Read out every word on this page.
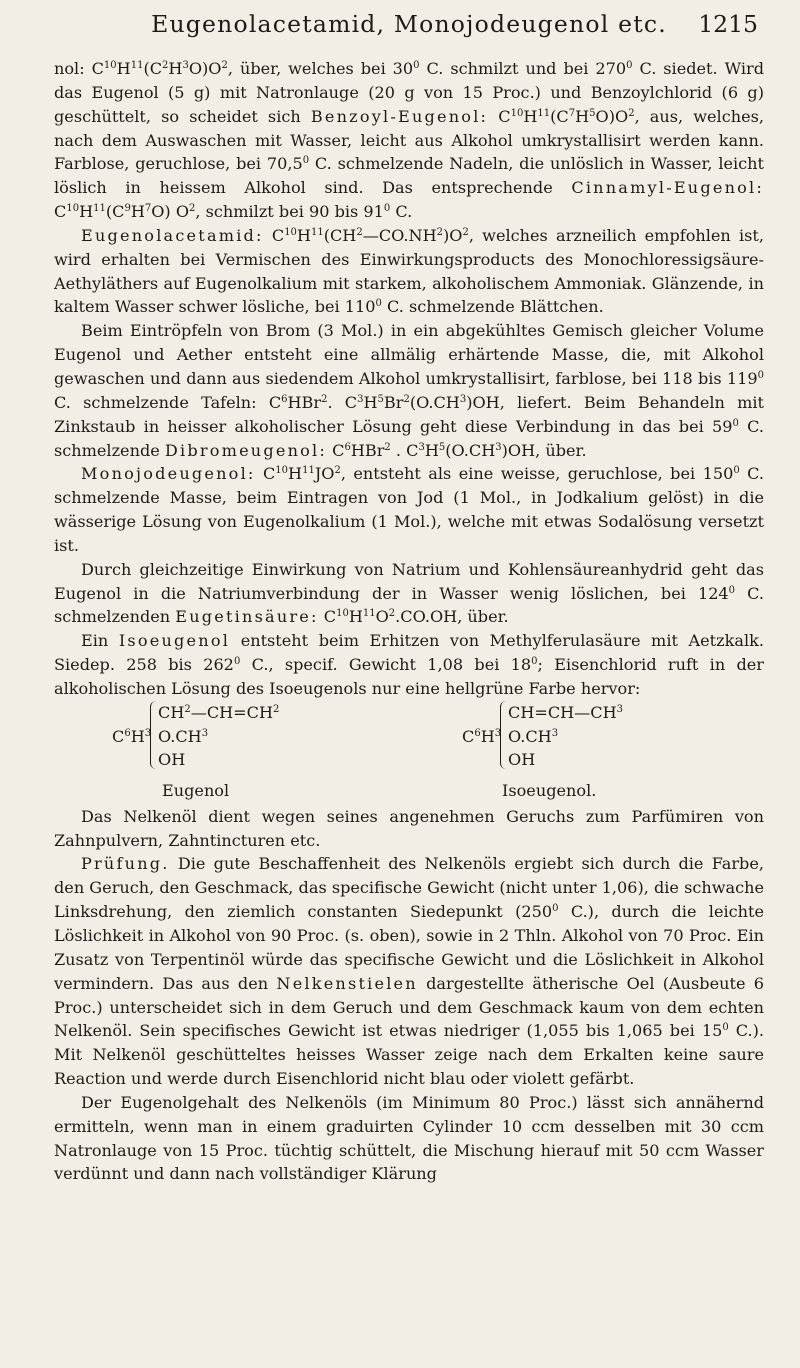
Eugenolacetamid, Monojodeugenol etc.	1215

nol: $C^{10}H^{11}(C^2H^3O)O^2$, über, welches bei $30^0$ C. schmilzt und bei $270^0$ C. siedet. Wird das Eugenol (5 g) mit Natronlauge (20 g von 15 Proc.) und Benzoylchlorid (6 g) geschüttelt, so scheidet sich Benzoyl-Eugenol: $C^{10}H^{11}(C^7H^5O)O^2$, aus, welches, nach dem Auswaschen mit Wasser, leicht aus Alkohol umkrystallisirt werden kann. Farblose, geruchlose, bei 70,5$^0$ C. schmelzende Nadeln, die unlöslich in Wasser, leicht löslich in heissem Alkohol sind. Das entsprechende Cinnamyl-Eugenol: $C^{10}H^{11}(C^9H^7O)$ $O^2$, schmilzt bei 90 bis $91^0$ C.

Eugenolacetamid: $C^{10}H^{11}(CH^2—CO.NH^2)O^2$, welches arzneilich empfohlen ist, wird erhalten bei Vermischen des Einwirkungsproducts des Monochloressigsäure-Aethyläthers auf Eugenolkalium mit starkem, alkoholischem Ammoniak. Glänzende, in kaltem Wasser schwer lösliche, bei $110^0$ C. schmelzende Blättchen.

Beim Eintröpfeln von Brom (3 Mol.) in ein abgekühltes Gemisch gleicher Volume Eugenol und Aether entsteht eine allmälig erhärtende Masse, die, mit Alkohol gewaschen und dann aus siedendem Alkohol umkrystallisirt, farblose, bei 118 bis $119^0$ C. schmelzende Tafeln: $C^6HBr^2$. $C^3H^5Br^2(O.CH^3)OH$, liefert. Beim Behandeln mit Zinkstaub in heisser alkoholischer Lösung geht diese Verbindung in das bei $59^0$ C. schmelzende Dibromeugenol: $C^6HBr^2$ . $C^3H^5(O.CH^3)OH$, über.

Monojodeugenol: $C^{10}H^{11}JO^2$, entsteht als eine weisse, geruchlose, bei $150^0$ C. schmelzende Masse, beim Eintragen von Jod (1 Mol., in Jodkalium gelöst) in die wässerige Lösung von Eugenolkalium (1 Mol.), welche mit etwas Sodalösung versetzt ist.

Durch gleichzeitige Einwirkung von Natrium und Kohlensäureanhydrid geht das Eugenol in die Natriumverbindung der in Wasser wenig löslichen, bei $124^0$ C. schmelzenden Eugetinsäure: $C^{10}H^{11}O^2.CO.OH$, über.

Ein Isoeugenol entsteht beim Erhitzen von Methylferulasäure mit Aetzkalk. Siedep. 258 bis $262^0$ C., specif. Gewicht 1,08 bei $18^0$; Eisenchlorid ruft in der alkoholischen Lösung des Isoeugenols nur eine hellgrüne Farbe hervor:

$C^6H^3$
$CH^2—CH=CH^2$
$O.CH^3$
OH
Eugenol
$C^6H^3$
$CH=CH—CH^3$
$O.CH^3$
OH
Isoeugenol.

Das Nelkenöl dient wegen seines angenehmen Geruchs zum Parfümiren von Zahnpulvern, Zahntincturen etc.

Prüfung. Die gute Beschaffenheit des Nelkenöls ergiebt sich durch die Farbe, den Geruch, den Geschmack, das specifische Gewicht (nicht unter 1,06), die schwache Linksdrehung, den ziemlich constanten Siedepunkt ($250^0$ C.), durch die leichte Löslichkeit in Alkohol von 90 Proc. (s. oben), sowie in 2 Thln. Alkohol von 70 Proc. Ein Zusatz von Terpentinöl würde das specifische Gewicht und die Löslichkeit in Alkohol vermindern. Das aus den Nelkenstielen dargestellte ätherische Oel (Ausbeute 6 Proc.) unterscheidet sich in dem Geruch und dem Geschmack kaum von dem echten Nelkenöl. Sein specifisches Gewicht ist etwas niedriger (1,055 bis 1,065 bei $15^0$ C.). Mit Nelkenöl geschütteltes heisses Wasser zeige nach dem Erkalten keine saure Reaction und werde durch Eisenchlorid nicht blau oder violett gefärbt.

Der Eugenolgehalt des Nelkenöls (im Minimum 80 Proc.) lässt sich annähernd ermitteln, wenn man in einem graduirten Cylinder 10 ccm desselben mit 30 ccm Natronlauge von 15 Proc. tüchtig schüttelt, die Mischung hierauf mit 50 ccm Wasser verdünnt und dann nach vollständiger Klärung
